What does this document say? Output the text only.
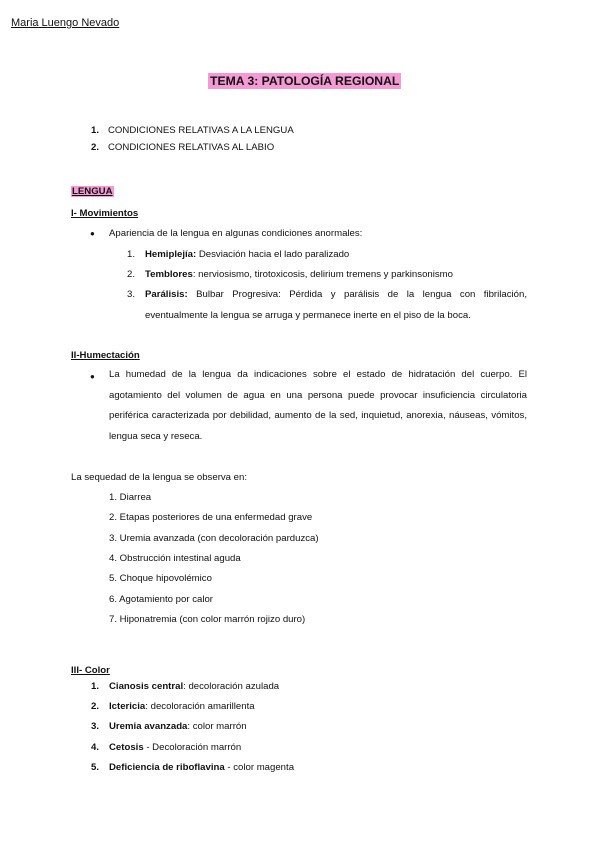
Maria Luengo Nevado
TEMA 3: PATOLOGÍA REGIONAL
1. CONDICIONES RELATIVAS A LA LENGUA
2. CONDICIONES RELATIVAS AL LABIO
LENGUA
I- Movimientos
● Apariencia de la lengua en algunas condiciones anormales:
1. Hemiplejía: Desviación hacia el lado paralizado
2. Temblores: nerviosismo, tirotoxicosis, delirium tremens y parkinsonismo
3. Parálisis: Bulbar Progresiva: Pérdida y parálisis de la lengua con fibrilación, eventualmente la lengua se arruga y permanece inerte en el piso de la boca.
II-Humectación
● La humedad de la lengua da indicaciones sobre el estado de hidratación del cuerpo. El agotamiento del volumen de agua en una persona puede provocar insuficiencia circulatoria periférica caracterizada por debilidad, aumento de la sed, inquietud, anorexia, náuseas, vómitos, lengua seca y reseca.
La sequedad de la lengua se observa en:
1. Diarrea
2. Etapas posteriores de una enfermedad grave
3. Uremia avanzada (con decoloración parduzca)
4. Obstrucción intestinal aguda
5. Choque hipovolémico
6. Agotamiento por calor
7. Hiponatremia (con color marrón rojizo duro)
III- Color
1. Cianosis central: decoloración azulada
2. Ictericia: decoloración amarillenta
3. Uremia avanzada: color marrón
4. Cetosis - Decoloración marrón
5. Deficiencia de riboflavina - color magenta
